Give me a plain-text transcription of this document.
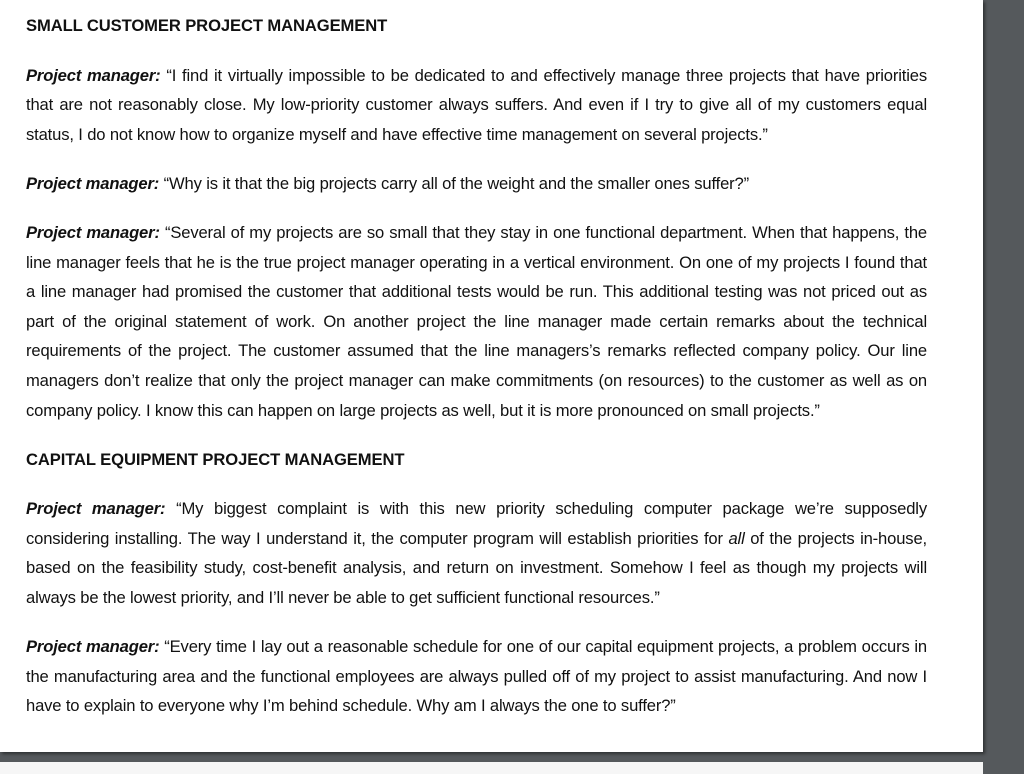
SMALL CUSTOMER PROJECT MANAGEMENT

Project manager: “I find it virtually impossible to be dedicated to and effectively manage three projects that have priorities that are not reasonably close. My low-priority customer always suffers. And even if I try to give all of my customers equal status, I do not know how to organize myself and have effective time management on several projects.”

Project manager: “Why is it that the big projects carry all of the weight and the smaller ones suffer?”

Project manager: “Several of my projects are so small that they stay in one functional department. When that happens, the line manager feels that he is the true project manager operating in a vertical environment. On one of my projects I found that a line manager had promised the customer that additional tests would be run. This additional testing was not priced out as part of the original statement of work. On another project the line manager made certain remarks about the technical requirements of the project. The customer assumed that the line managers’s remarks reflected company policy. Our line managers don’t realize that only the project manager can make commitments (on resources) to the customer as well as on company policy. I know this can happen on large projects as well, but it is more pronounced on small projects.”

CAPITAL EQUIPMENT PROJECT MANAGEMENT

Project manager: “My biggest complaint is with this new priority scheduling computer package we’re supposedly considering installing. The way I understand it, the computer program will establish priorities for all of the projects in-house, based on the feasibility study, cost-benefit analysis, and return on investment. Somehow I feel as though my projects will always be the lowest priority, and I’ll never be able to get sufficient functional resources.”

Project manager: “Every time I lay out a reasonable schedule for one of our capital equipment projects, a problem occurs in the manufacturing area and the functional employees are always pulled off of my project to assist manufacturing. And now I have to explain to everyone why I’m behind schedule. Why am I always the one to suffer?”
